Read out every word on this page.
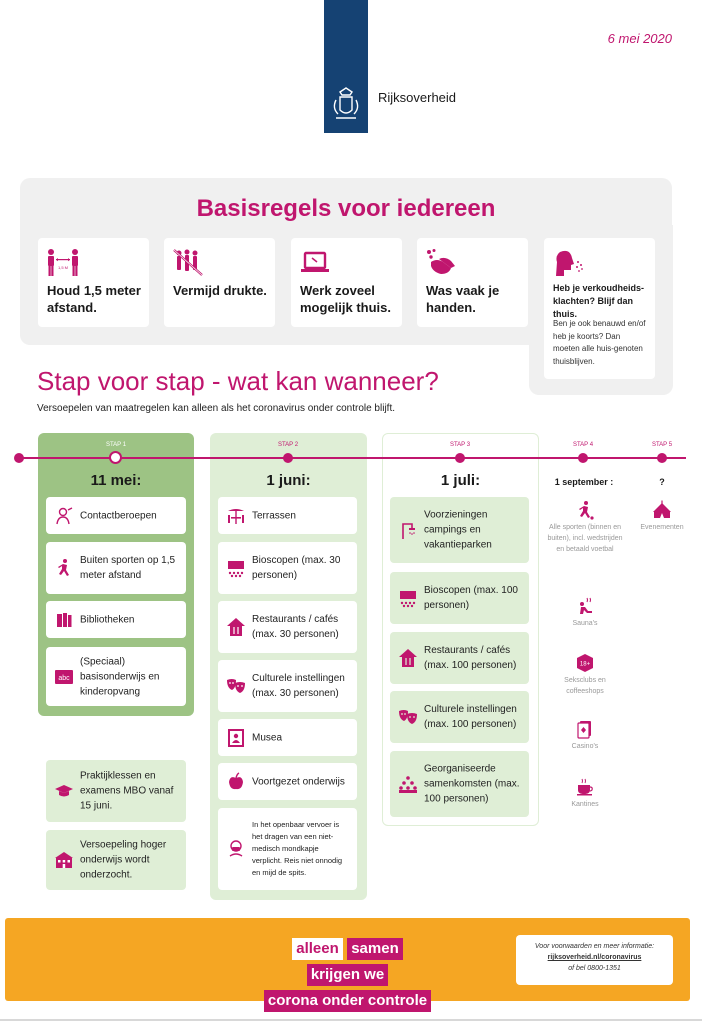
Rijksoverheid
6 mei 2020
Basisregels voor iedereen
1,5 M
Houd 1,5 meter afstand.
Vermijd drukte.	Werk zoveel mogelijk thuis.
Was vaak je handen.
Heb je verkoudheids-klachten? Blijf dan thuis.
Ben je ook benauwd en/of heb je koorts? Dan moeten alle huis-genoten thuisblijven.
Stap voor stap - wat kan wanneer?
Versoepelen van maatregelen kan alleen als het coronavirus onder controle blijft.
STAP 1	STAP 2	STAP 3	STAP 4	STAP 5
11 mei:	1 juni:	1 juli:	1 september :	?
Contactberoepen
Buiten sporten op 1,5 meter afstand
Bibliotheken
abc
(Speciaal) basisonderwijs en kinderopvang
Praktijklessen en examens MBO vanaf 15 juni.
Versoepeling hoger onderwijs wordt onderzocht.
Terrassen
Bioscopen (max. 30 personen)
Restaurants / cafés (max. 30 personen)
Culturele instellingen (max. 30 personen)
Musea
Voortgezet onderwijs
In het openbaar vervoer is het dragen van een niet-medisch mondkapje verplicht. Reis niet onnodig en mijd de spits.
Voorzieningen campings en vakantieparken
Bioscopen (max. 100 personen)
Restaurants / cafés (max. 100 personen)
Culturele instellingen (max. 100 personen)
Georganiseerde samenkomsten (max. 100 personen)
Alle sporten (binnen en buiten), incl. wedstrijden en betaald voetbal
Sauna's
18+
Seksclubs en coffeeshops
Casino's
Kantines
Evenementen
alleen samen krijgen we
corona onder controle
Voor voorwaarden en meer informatie:
rijksoverheid.nl/coronavirus
of bel 0800-1351
